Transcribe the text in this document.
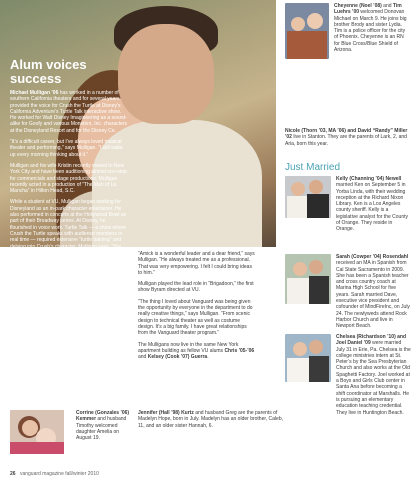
Alum voices
success

Michael Mulligan ’06 has worked in a number of southern California theaters and for several years provided the voice for Crush the Turtle at Disney’s California Adventure’s Turtle Talk interactive show. He worked for Walt Disney Imagineering as a sound-alike for Goofy and various Monsters, Inc. characters at the Disneyland Resort and for the Disney Co.

“It’s a difficult career, but I’ve always loved musical theater and performing,” says Mulligan. “I still wake up every morning thinking about it.”

Mulligan and his wife Kristin recently moved to New York City and have been auditioning almost non-stop for commercials and stage productions. Mulligan recently acted in a production of “The Man of La Mancha” in Hilton Head, S.C.

While a student at VU, Mulligan began working for Disneyland as an in-park character entertainer. He also performed in concerts at the Hollywood Bowl as part of their Broadway series. At Disney, he flourished in voice work. Turtle Talk — a show where Crush the Turtle speaks with audience members in real time — required extensive “turtle training” and delving into Crush’s character, Mulligan says. “You have to know how a character thinks. It’s just as important as getting the voice right.”

He credits his training at VU, and particularly Amick Byram, an adjunct professor at VU, for mentoring him and promoting his career.

“Amick is a wonderful leader and a dear friend,” says Mulligan. “He always treated me as a professional. That was very empowering. I felt I could bring ideas to him.”

Mulligan played the lead role in “Brigadoon,” the first show Byram directed at VU.

“The thing I loved about Vanguard was being given the opportunity by everyone in the department to do really creative things,” says Mulligan. “From scenic design to technical theater as well as costume design. It’s a big family. I have great relationships from the Vanguard theater program.”

The Mulligans now live in the same New York apartment building as fellow VU alums Chris ’05-’06 and Kelsey (Cook ’07) Guerra.

Cheyenne (Noel ’08) and Tim Luehrs ’00 welcomed Donovan Michael on March 9. He joins big brother Brody and sister Lydia. Tim is a police officer for the city of Phoenix. Cheyenne is an RN for Blue Cross/Blue Shield of Arizona.
Nicole (Thorn ’03, MA ’06) and David “Randy” Miller ’02 live in Stanton. They are the parents of Lark, 2, and Aria, born this year.
Just Married
Kelly (Channing ’04) Newell married Ken on September 5 in Yorba Linda, with their wedding reception at the Richard Nixon Library. Ken is a Los Angeles county sheriff. Kelly is a legislative analyst for the County of Orange. They reside in Orange.
Sarah (Cowper ’04) Rosendahl received an MA in Spanish from Cal State Sacramento in 2009. She has been a Spanish teacher and cross country coach at Marina High School for five years. Sarah married Dave, executive vice president and cofounder of MindFireInc, on July 24. The newlyweds attend Rock Harbor Church and live in Newport Beach.
Chelsea (Richardson ’10) and Joel Daniel ’09 were married July 31 in Erie, Pa. Chelsea is the college ministries intern at St. Peter’s by the Sea Presbyterian Church and also works at the Old Spaghetti Factory. Joel worked at a Boys and Girls Club center in Santa Ana before becoming a shift coordinator at Marshalls. He is pursuing an elementary education teaching credential. They live in Huntington Beach.
Corrine (Gonzales ’06) Kemmer and husband Timothy welcomed daughter Amelia on August 19.
Jennifer (Hall ’98) Kurtz and husband Greg are the parents of Madelyn Hope, born in July. Madelyn has an older brother, Caleb, 11, and an older sister Hannah, 6.
26 vanguard magazine fall/winter 2010
